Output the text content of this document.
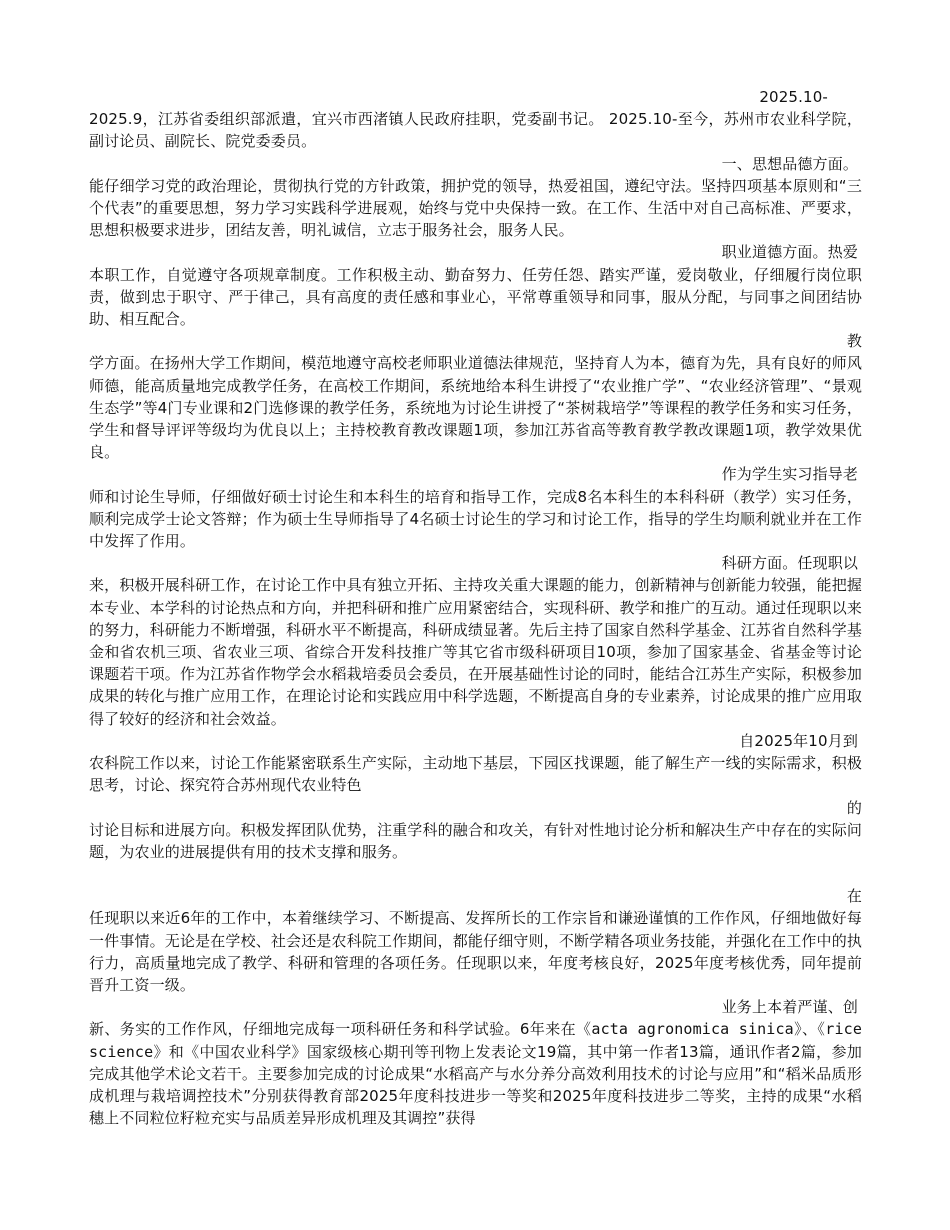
2025.10-
2025.9，江苏省委组织部派遣，宜兴市西渚镇人民政府挂职，党委副书记。 2025.10-至今，苏州市农业科学院，副讨论员、副院长、院党委委员。

一、思想品德方面。
能仔细学习党的政治理论，贯彻执行党的方针政策，拥护党的领导，热爱祖国，遵纪守法。坚持四项基本原则和“三个代表”的重要思想，努力学习实践科学进展观，始终与党中央保持一致。在工作、生活中对自己高标准、严要求，思想积极要求进步，团结友善，明礼诚信，立志于服务社会，服务人民。

职业道德方面。热爱
本职工作，自觉遵守各项规章制度。工作积极主动、勤奋努力、任劳任怨、踏实严谨，爱岗敬业，仔细履行岗位职责，做到忠于职守、严于律己，具有高度的责任感和事业心，平常尊重领导和同事，服从分配，与同事之间团结协助、相互配合。

教
学方面。在扬州大学工作期间，模范地遵守高校老师职业道德法律规范，坚持育人为本，德育为先，具有良好的师风师德，能高质量地完成教学任务，在高校工作期间，系统地给本科生讲授了“农业推广学”、“农业经济管理”、“景观生态学”等4门专业课和2门选修课的教学任务，系统地为讨论生讲授了“茶树栽培学”等课程的教学任务和实习任务，学生和督导评评等级均为优良以上；主持校教育教改课题1项，参加江苏省高等教育教学教改课题1项，教学效果优良。

作为学生实习指导老
师和讨论生导师，仔细做好硕士讨论生和本科生的培育和指导工作，完成8名本科生的本科科研（教学）实习任务，顺利完成学士论文答辩；作为硕士生导师指导了4名硕士讨论生的学习和讨论工作，指导的学生均顺利就业并在工作中发挥了作用。

科研方面。任现职以
来，积极开展科研工作，在讨论工作中具有独立开拓、主持攻关重大课题的能力，创新精神与创新能力较强，能把握本专业、本学科的讨论热点和方向，并把科研和推广应用紧密结合，实现科研、教学和推广的互动。通过任现职以来的努力，科研能力不断增强，科研水平不断提高，科研成绩显著。先后主持了国家自然科学基金、江苏省自然科学基金和省农机三项、省农业三项、省综合开发科技推广等其它省市级科研项目10项，参加了国家基金、省基金等讨论课题若干项。作为江苏省作物学会水稻栽培委员会委员，在开展基础性讨论的同时，能结合江苏生产实际，积极参加成果的转化与推广应用工作，在理论讨论和实践应用中科学选题，不断提高自身的专业素养，讨论成果的推广应用取得了较好的经济和社会效益。

自2025年10月到
农科院工作以来，讨论工作能紧密联系生产实际，主动地下基层，下园区找课题，能了解生产一线的实际需求，积极思考，讨论、探究符合苏州现代农业特色

的
讨论目标和进展方向。积极发挥团队优势，注重学科的融合和攻关，有针对性地讨论分析和解决生产中存在的实际问题，为农业的进展提供有用的技术支撑和服务。

在
任现职以来近6年的工作中，本着继续学习、不断提高、发挥所长的工作宗旨和谦逊谨慎的工作作风，仔细地做好每一件事情。无论是在学校、社会还是农科院工作期间，都能仔细守则，不断学精各项业务技能，并强化在工作中的执行力，高质量地完成了教学、科研和管理的各项任务。任现职以来，年度考核良好，2025年度考核优秀，同年提前晋升工资一级。

业务上本着严谨、创
新、务实的工作作风，仔细地完成每一项科研任务和科学试验。6年来在《acta agronomica sinica》、《rice science》和《中国农业科学》国家级核心期刊等刊物上发表论文19篇，其中第一作者13篇，通讯作者2篇，参加完成其他学术论文若干。主要参加完成的讨论成果“水稻高产与水分养分高效利用技术的讨论与应用”和“稻米品质形成机理与栽培调控技术”分别获得教育部2025年度科技进步一等奖和2025年度科技进步二等奖，主持的成果“水稻穗上不同粒位籽粒充实与品质差异形成机理及其调控”获得
